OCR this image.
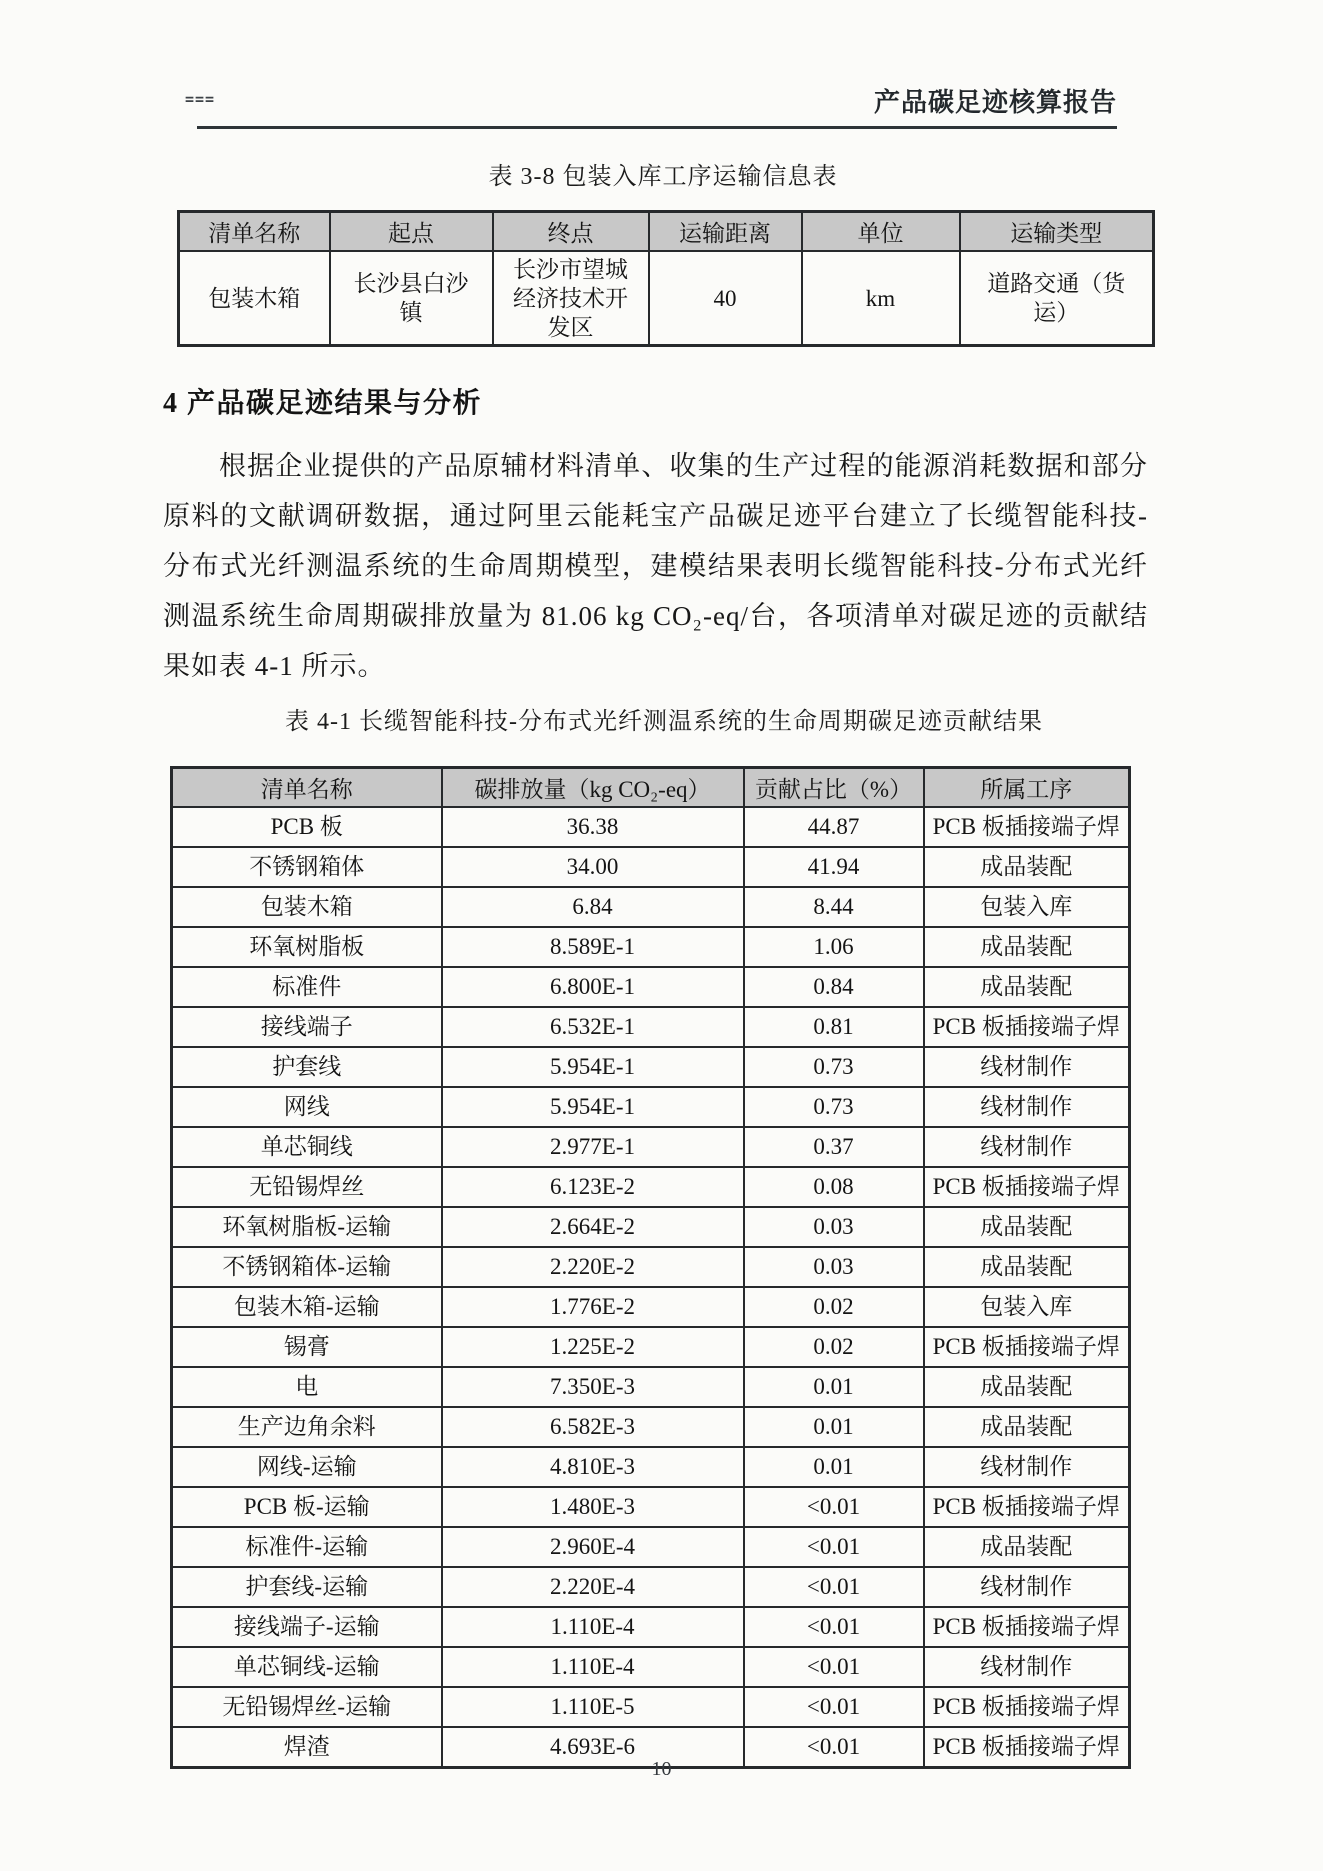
===	产品碳足迹核算报告
表 3-8 包装入库工序运输信息表
清单名称	起点	终点	运输距离	单位	运输类型
包装木箱	长沙县白沙镇	长沙市望城经济技术开发区	40	km	道路交通（货运）
4 产品碳足迹结果与分析

根据企业提供的产品原辅材料清单、收集的生产过程的能源消耗数据和部分原料的文献调研数据，通过阿里云能耗宝产品碳足迹平台建立了长缆智能科技-分布式光纤测温系统的生命周期模型，建模结果表明长缆智能科技-分布式光纤测温系统生命周期碳排放量为 81.06 kg CO₂-eq/台，各项清单对碳足迹的贡献结果如表 4-1 所示。

表 4-1 长缆智能科技-分布式光纤测温系统的生命周期碳足迹贡献结果
清单名称	碳排放量（kg CO₂-eq）	贡献占比（%）	所属工序
PCB 板	36.38	44.87	PCB 板插接端子焊
不锈钢箱体	34.00	41.94	成品装配
包装木箱	6.84	8.44	包装入库
环氧树脂板	8.589E-1	1.06	成品装配
标准件	6.800E-1	0.84	成品装配
接线端子	6.532E-1	0.81	PCB 板插接端子焊
护套线	5.954E-1	0.73	线材制作
网线	5.954E-1	0.73	线材制作
单芯铜线	2.977E-1	0.37	线材制作
无铅锡焊丝	6.123E-2	0.08	PCB 板插接端子焊
环氧树脂板-运输	2.664E-2	0.03	成品装配
不锈钢箱体-运输	2.220E-2	0.03	成品装配
包装木箱-运输	1.776E-2	0.02	包装入库
锡膏	1.225E-2	0.02	PCB 板插接端子焊
电	7.350E-3	0.01	成品装配
生产边角余料	6.582E-3	0.01	成品装配
网线-运输	4.810E-3	0.01	线材制作
PCB 板-运输	1.480E-3	<0.01	PCB 板插接端子焊
标准件-运输	2.960E-4	<0.01	成品装配
护套线-运输	2.220E-4	<0.01	线材制作
接线端子-运输	1.110E-4	<0.01	PCB 板插接端子焊
单芯铜线-运输	1.110E-4	<0.01	线材制作
无铅锡焊丝-运输	1.110E-5	<0.01	PCB 板插接端子焊
焊渣	4.693E-6	<0.01	PCB 板插接端子焊
10
